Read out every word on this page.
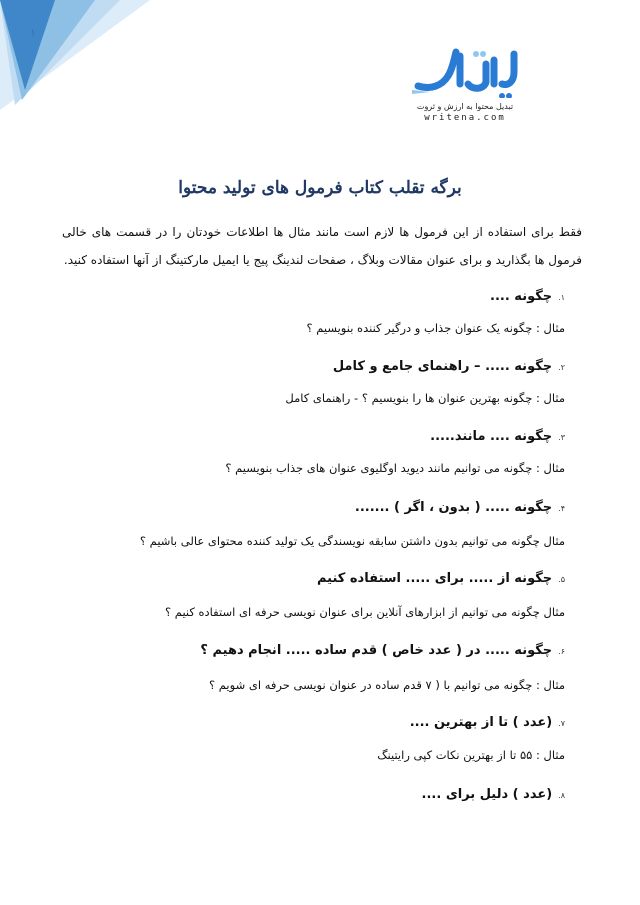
۱
تبدیل محتوا به ارزش و ثروت
writena.com
برگه تقلب کتاب فرمول های تولید محتوا
فقط برای استفاده از این فرمول ها لازم است مانند مثال ها اطلاعات خودتان را در قسمت های خالی فرمول ها بگذارید و برای عنوان مقالات وبلاگ ، صفحات لندینگ پیج یا ایمیل مارکتینگ از آنها استفاده کنید.
۱.چگونه ....
مثال : چگونه یک عنوان جذاب و درگیر کننده بنویسیم ؟
۲.چگونه ..... – راهنمای جامع و کامل
مثال : چگونه بهترین عنوان ها را بنویسیم ؟ - راهنمای کامل
۳.چگونه .... مانند.....
مثال : چگونه می توانیم مانند دیوید اوگلیوی عنوان های جذاب بنویسیم ؟
۴.چگونه ..... ( بدون ، اگر ) .......
مثال چگونه می توانیم بدون داشتن سابقه نویسندگی یک تولید کننده محتوای عالی باشیم ؟
۵.چگونه از ..... برای ..... استفاده کنیم
مثال چگونه می توانیم از ابزارهای آنلاین برای عنوان نویسی حرفه ای استفاده کنیم ؟
۶.چگونه ..... در ( عدد خاص ) قدم ساده ..... انجام دهیم ؟
مثال : چگونه می توانیم با ( ۷ قدم ساده در عنوان نویسی حرفه ای شویم ؟
۷.(عدد ) تا از بهترین ....
مثال : ۵۵ تا از بهترین نکات کپی رایتینگ
۸.(عدد ) دلیل برای ....
